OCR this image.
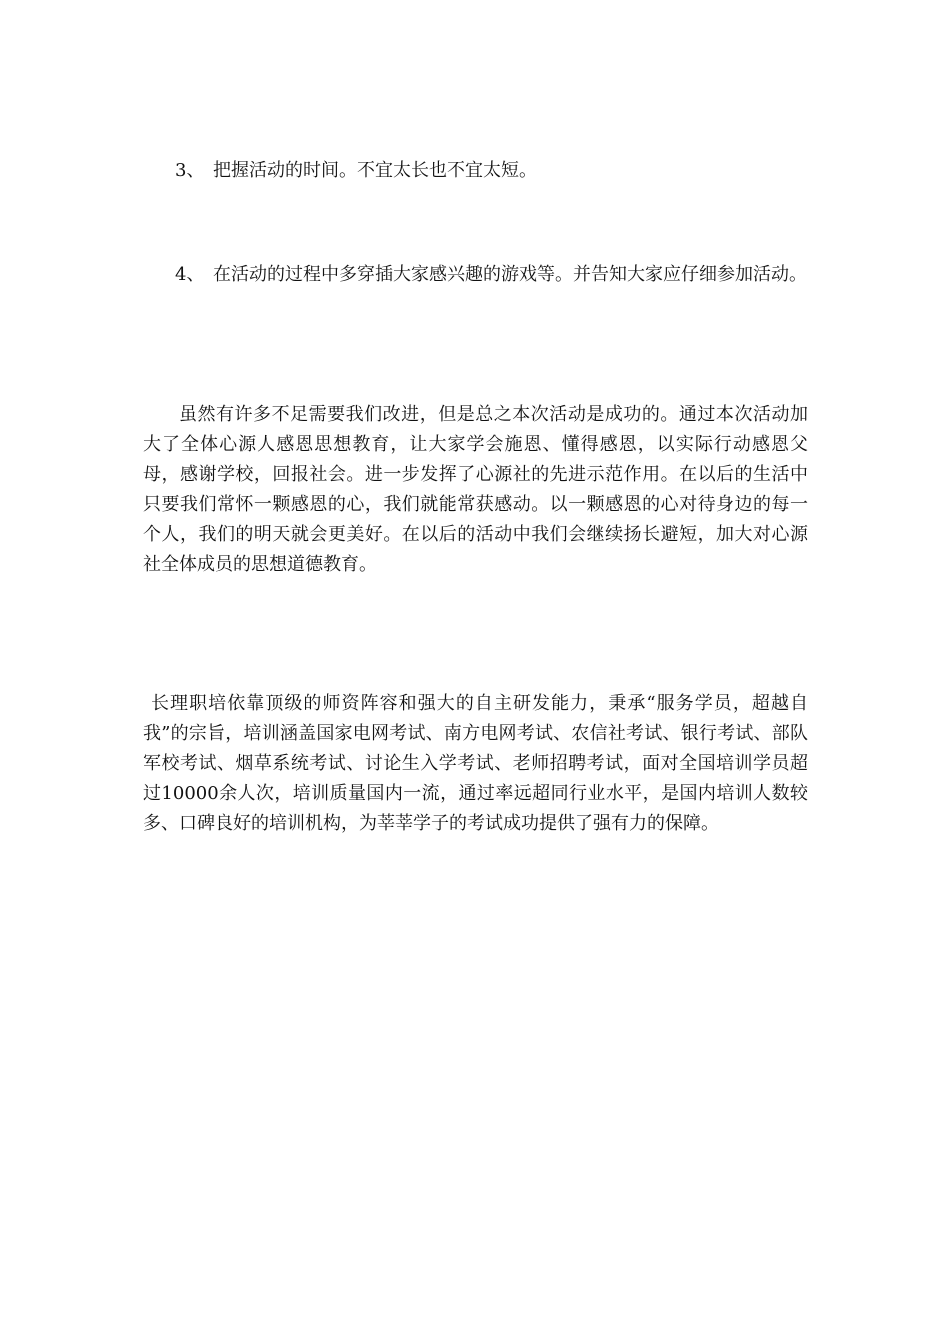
3、 把握活动的时间。不宜太长也不宜太短。

4、 在活动的过程中多穿插大家感兴趣的游戏等。并告知大家应仔细参加活动。

虽然有许多不足需要我们改进，但是总之本次活动是成功的。通过本次活动加大了全体心源人感恩思想教育，让大家学会施恩、懂得感恩，以实际行动感恩父母，感谢学校，回报社会。进一步发挥了心源社的先进示范作用。在以后的生活中只要我们常怀一颗感恩的心，我们就能常获感动。以一颗感恩的心对待身边的每一个人，我们的明天就会更美好。在以后的活动中我们会继续扬长避短，加大对心源社全体成员的思想道德教育。

长理职培依靠顶级的师资阵容和强大的自主研发能力，秉承“服务学员，超越自我”的宗旨，培训涵盖国家电网考试、南方电网考试、农信社考试、银行考试、部队军校考试、烟草系统考试、讨论生入学考试、老师招聘考试，面对全国培训学员超过10000余人次，培训质量国内一流，通过率远超同行业水平，是国内培训人数较多、口碑良好的培训机构，为莘莘学子的考试成功提供了强有力的保障。
